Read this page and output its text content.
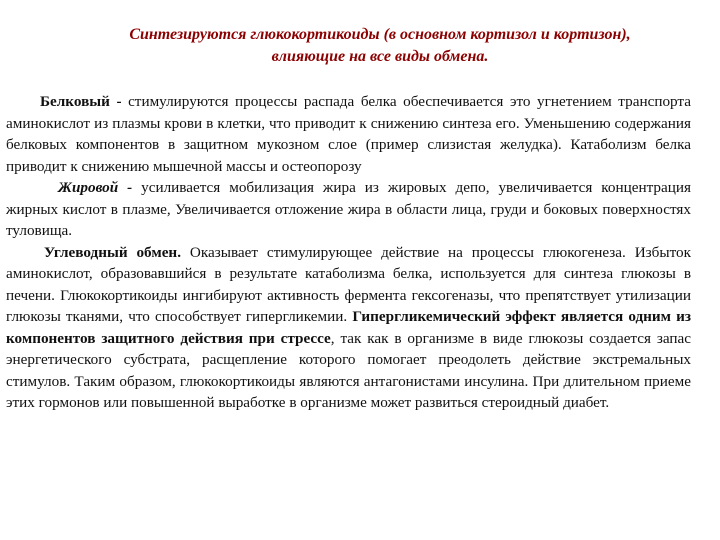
Синтезируются глюкокортикоиды (в основном кортизол и кортизон),
влияющие на все виды обмена.

Белковый - стимулируются процессы распада белка обеспечивается это угнетением транспорта аминокислот из плазмы крови в клетки, что приводит к снижению синтеза его. Уменьшению содержания белковых компонентов в защитном мукозном слое (пример слизистая желудка). Катаболизм белка приводит к снижению мышечной массы и остеопорозу

Жировой - усиливается мобилизация жира из жировых депо, увеличивается концентрация жирных кислот в плазме, Увеличивается отложение жира в области лица, груди и боковых поверхностях туловища.

Углеводный обмен. Оказывает стимулирующее действие на процессы глюкогенеза. Избыток аминокислот, образовавшийся в результате катаболизма белка, используется для синтеза глюкозы в печени. Глюкокортикоиды ингибируют активность фермента гексогеназы, что препятствует утилизации глюкозы тканями, что способствует гипергликемии. Гипергликемический эффект является одним из компонентов защитного действия при стрессе, так как в организме в виде глюкозы создается запас энергетического субстрата, расщепление которого помогает преодолеть действие экстремальных стимулов. Таким образом, глюкокортикоиды являются антагонистами инсулина. При длительном приеме этих гормонов или повышенной выработке в организме может развиться стероидный диабет.
